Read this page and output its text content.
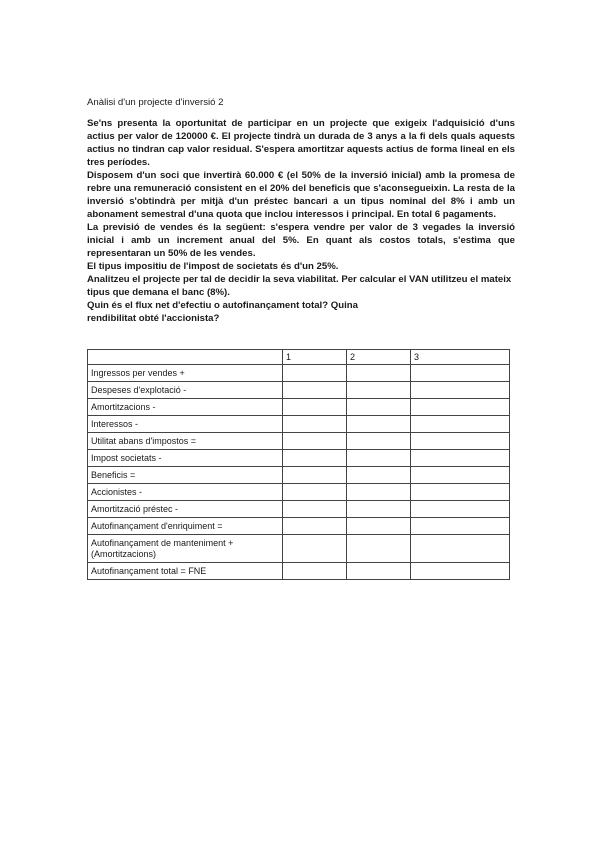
Anàlisi d'un projecte d'inversió 2

Se'ns presenta la oportunitat de participar en un projecte que exigeix l'adquisició d'uns actius per valor de 120000 €. El projecte tindrà un durada de 3 anys a la fi dels quals aquests actius no tindran cap valor residual. S'espera amortitzar aquests actius de forma lineal en els tres períodes.

Disposem d'un soci que invertirà 60.000 € (el 50% de la inversió inicial) amb la promesa de rebre una remuneració consistent en el 20% del beneficis que s'aconsegueixin. La resta de la inversió s'obtindrà per mitjà d'un préstec bancari a un tipus nominal del 8% i amb un abonament semestral d'una quota que inclou interessos i principal. En total 6 pagaments.

La previsió de vendes és la següent: s'espera vendre per valor de 3 vegades la inversió inicial i amb un increment anual del 5%. En quant als costos totals, s'estima que representaran un 50% de les vendes.

El tipus impositiu de l'impost de societats és d'un 25%.

Analitzeu el projecte per tal de decidir la seva viabilitat. Per calcular el VAN utilitzeu el mateix tipus que demana el banc (8%).

Quin és el flux net d'efectiu o autofinançament total? Quina rendibilitat obté l'accionista?

	1	2	3
Ingressos per vendes +			
Despeses d'explotació -			
Amortitzacions -			
Interessos -			
Utilitat abans d'impostos =			
Impost societats -			
Beneficis =			
Accionistes -			
Amortització préstec -			
Autofinançament d'enriquiment =			
Autofinançament de manteniment + (Amortitzacions)			
Autofinançament total = FNE			
